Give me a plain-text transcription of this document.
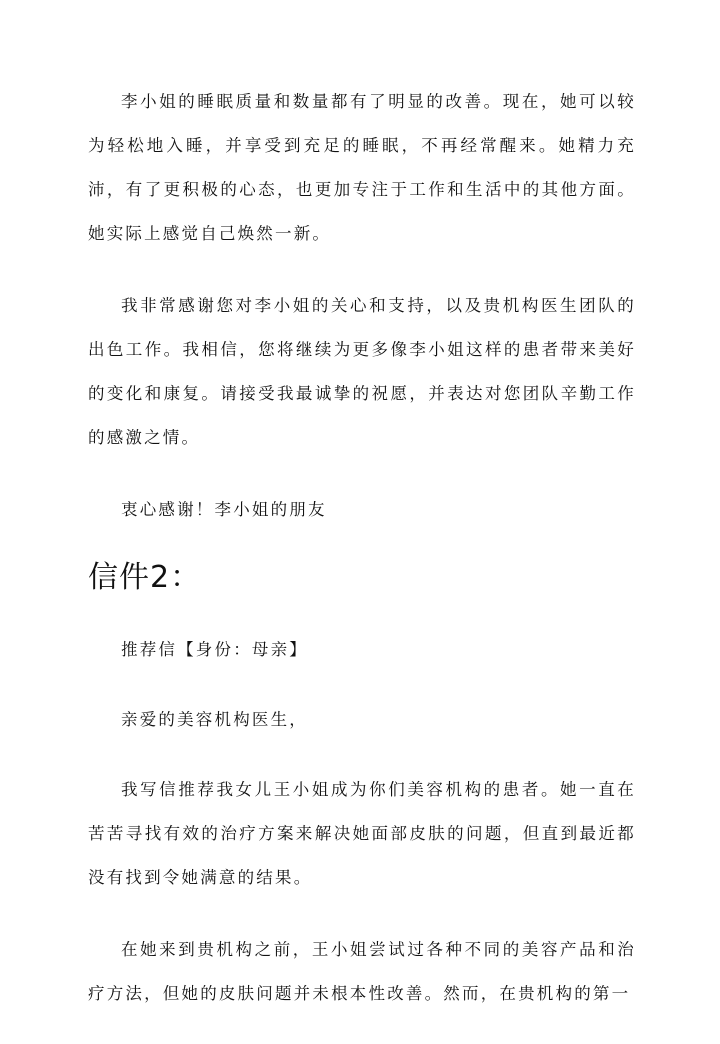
李小姐的睡眠质量和数量都有了明显的改善。现在，她可以较为轻松地入睡，并享受到充足的睡眠，不再经常醒来。她精力充沛，有了更积极的心态，也更加专注于工作和生活中的其他方面。她实际上感觉自己焕然一新。

我非常感谢您对李小姐的关心和支持，以及贵机构医生团队的出色工作。我相信，您将继续为更多像李小姐这样的患者带来美好的变化和康复。请接受我最诚挚的祝愿，并表达对您团队辛勤工作的感激之情。

衷心感谢！李小姐的朋友

信件2：

推荐信【身份：母亲】

亲爱的美容机构医生，

我写信推荐我女儿王小姐成为你们美容机构的患者。她一直在苦苦寻找有效的治疗方案来解决她面部皮肤的问题，但直到最近都没有找到令她满意的结果。

在她来到贵机构之前，王小姐尝试过各种不同的美容产品和治疗方法，但她的皮肤问题并未根本性改善。然而，在贵机构的第一
